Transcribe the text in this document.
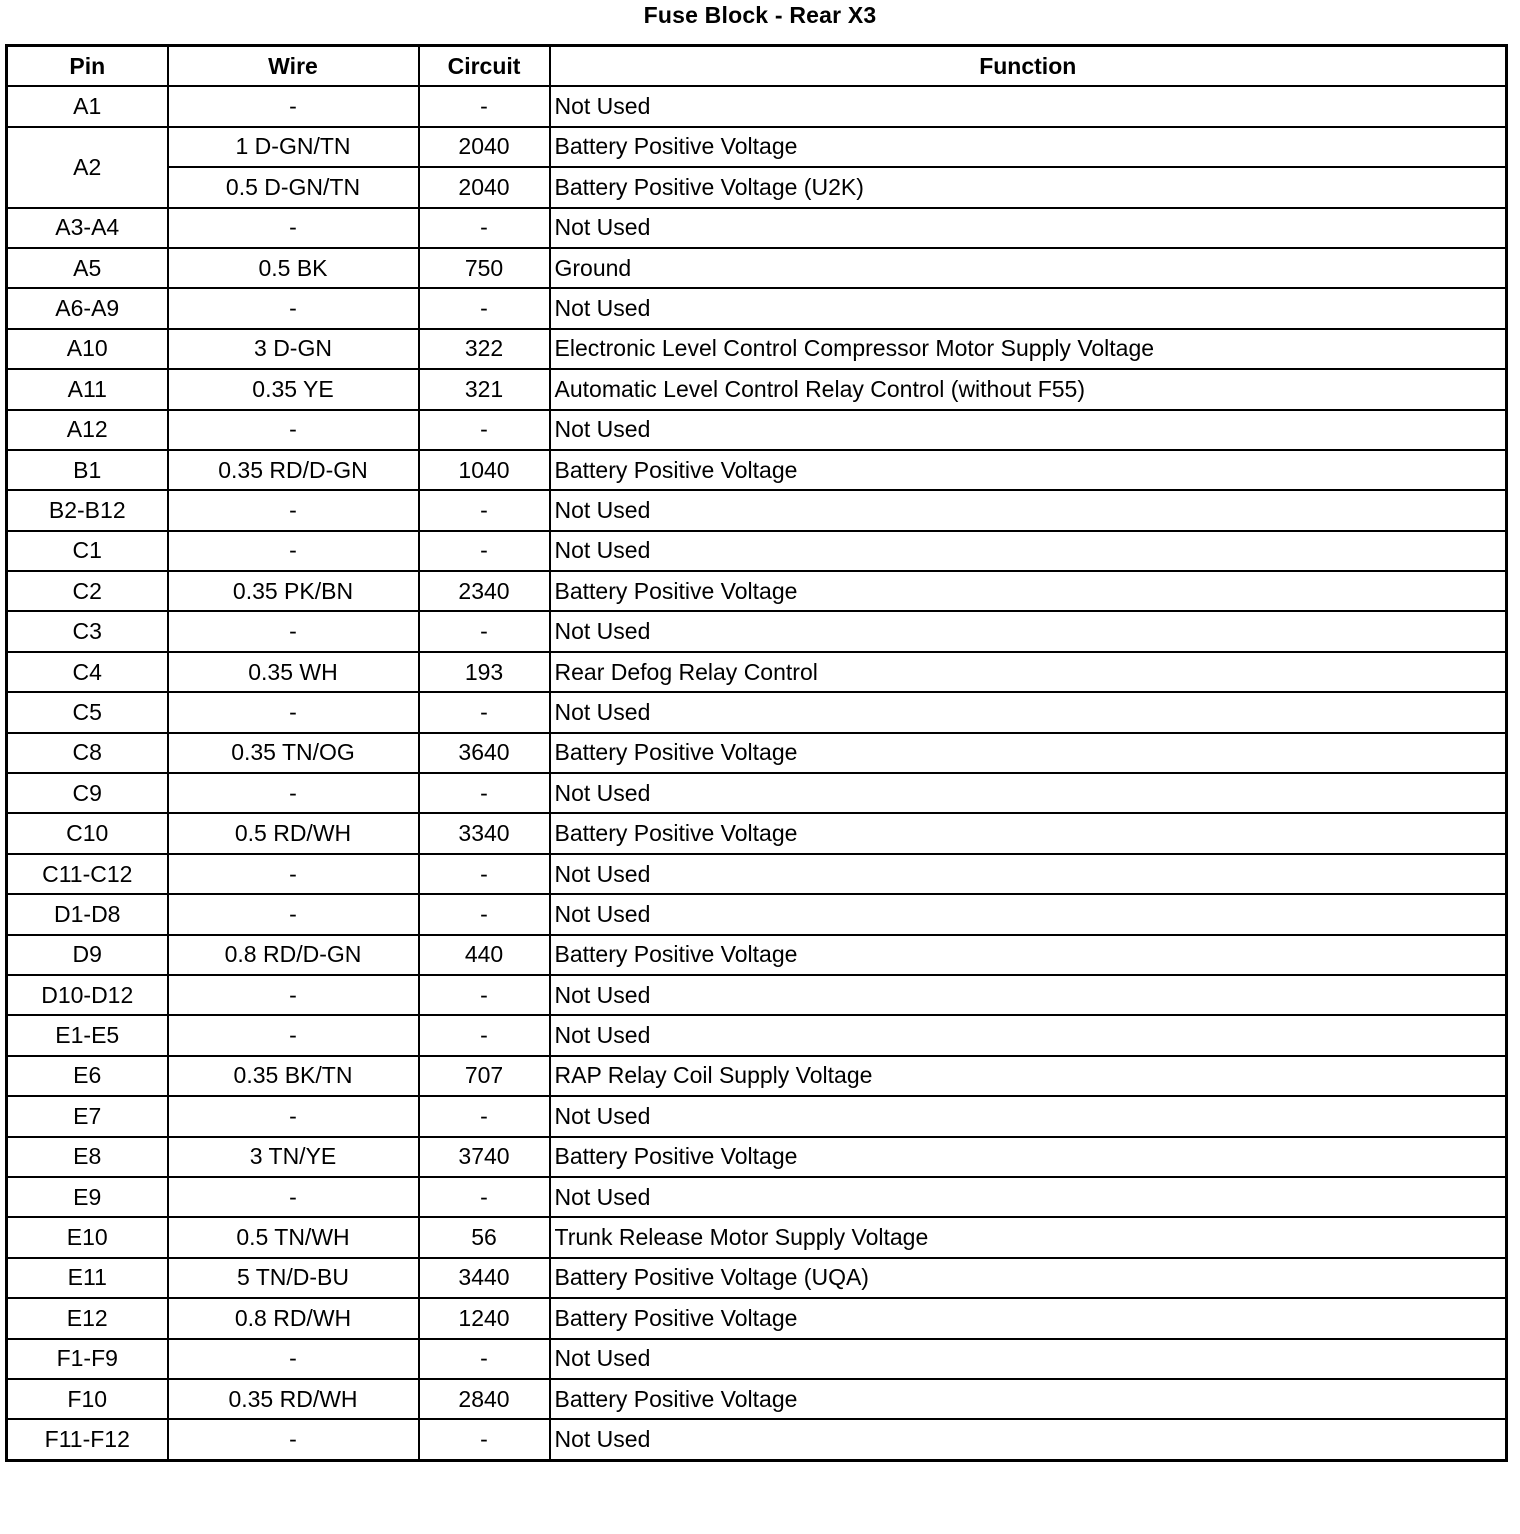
Fuse Block - Rear X3
Pin	Wire	Circuit	Function
A1	-	-	Not Used
A2	1 D-GN/TN	2040	Battery Positive Voltage
	0.5 D-GN/TN	2040	Battery Positive Voltage (U2K)
A3-A4	-	-	Not Used
A5	0.5 BK	750	Ground
A6-A9	-	-	Not Used
A10	3 D-GN	322	Electronic Level Control Compressor Motor Supply Voltage
A11	0.35 YE	321	Automatic Level Control Relay Control (without F55)
A12	-	-	Not Used
B1	0.35 RD/D-GN	1040	Battery Positive Voltage
B2-B12	-	-	Not Used
C1	-	-	Not Used
C2	0.35 PK/BN	2340	Battery Positive Voltage
C3	-	-	Not Used
C4	0.35 WH	193	Rear Defog Relay Control
C5	-	-	Not Used
C8	0.35 TN/OG	3640	Battery Positive Voltage
C9	-	-	Not Used
C10	0.5 RD/WH	3340	Battery Positive Voltage
C11-C12	-	-	Not Used
D1-D8	-	-	Not Used
D9	0.8 RD/D-GN	440	Battery Positive Voltage
D10-D12	-	-	Not Used
E1-E5	-	-	Not Used
E6	0.35 BK/TN	707	RAP Relay Coil Supply Voltage
E7	-	-	Not Used
E8	3 TN/YE	3740	Battery Positive Voltage
E9	-	-	Not Used
E10	0.5 TN/WH	56	Trunk Release Motor Supply Voltage
E11	5 TN/D-BU	3440	Battery Positive Voltage (UQA)
E12	0.8 RD/WH	1240	Battery Positive Voltage
F1-F9	-	-	Not Used
F10	0.35 RD/WH	2840	Battery Positive Voltage
F11-F12	-	-	Not Used
